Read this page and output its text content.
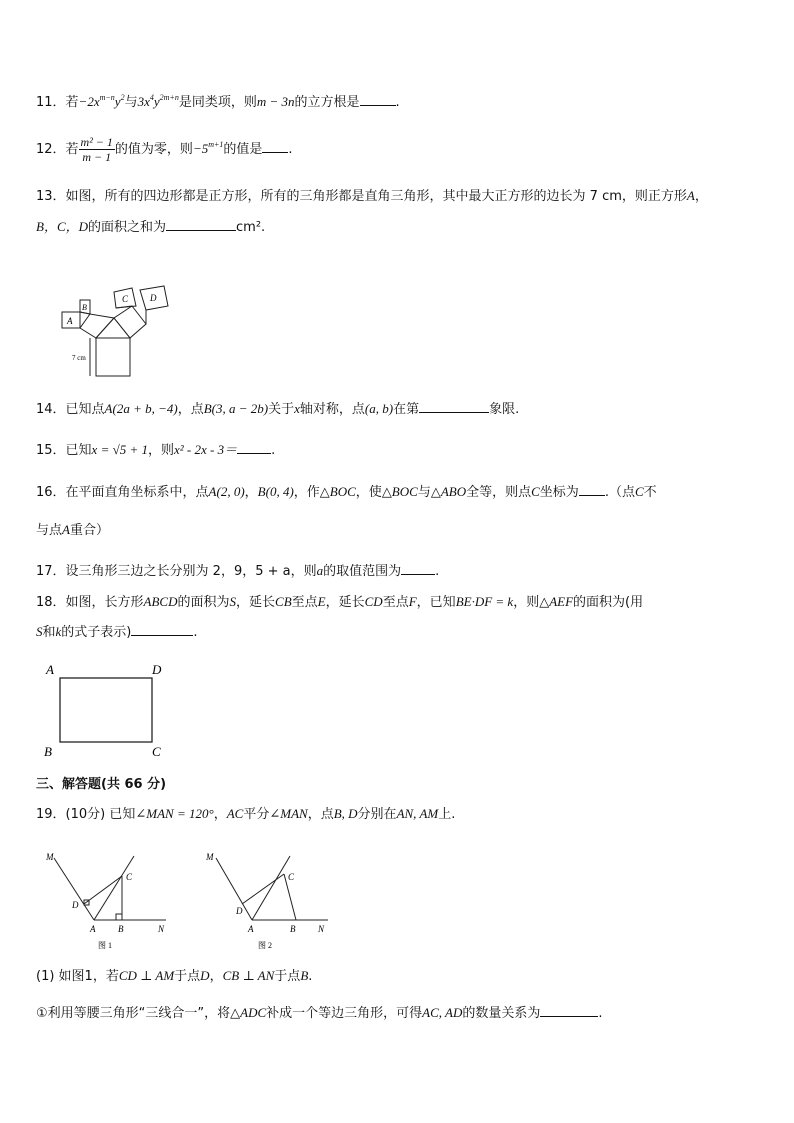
11．若$-2x^{m-n}y^2$与$3x^4y^{2m+n}$是同类项，则m − 3n的立方根是	.
12．若 $\frac{\text{m² − 1}}{m - 1}$ 的值为零，则$-5^{m+1}$的值是 .
13．如图，所有的四边形都是正方形，所有的三角形都是直角三角形，其中最大正方形的边长为 7 cm，则正方形A，
B，C，D的面积之和为	cm².
A
B
C D
7 cm
14．已知点A(2a + b, −4)，点B(3, a − 2b)关于x轴对称，点(a, b)在第	象限.
15．已知x = √5 + 1，则x² - 2x - 3＝	.
16．在平面直角坐标系中，点A(2, 0)，B(0, 4)，作△BOC，使△BOC与△ABO全等，则点C坐标为 .（点C不
与点A重合）
17．设三角形三边之长分别为 2，9，5 + a，则a的取值范围为	.
18．如图，长方形ABCD的面积为S，延长CB至点E，延长CD至点F，已知BE·DF = k，则△AEF的面积为(用
S和k的式子表示)	.
A	D
B	C
三、解答题(共 66 分)
19．(10分) 已知∠MAN = 120°，AC平分∠MAN，点B, D分别在AN, AM上.
M
D
C
A	B	N
图 1
M
D
C
A	B	N
图 2
(1) 如图1，若CD ⊥ AM于点D，CB ⊥ AN于点B.
①利用等腰三角形“三线合一”，将△ADC补成一个等边三角形，可得AC, AD的数量关系为	.
